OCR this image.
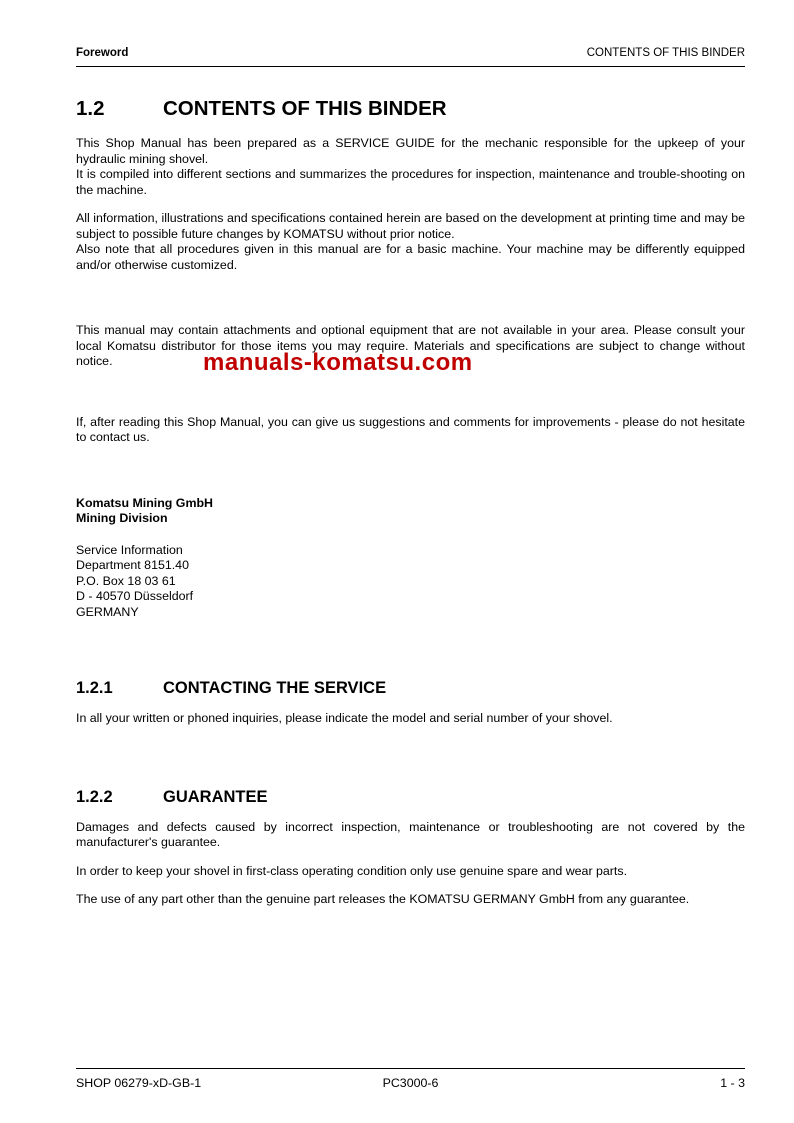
Foreword	CONTENTS OF THIS BINDER
1.2	CONTENTS OF THIS BINDER
This Shop Manual has been prepared as a SERVICE GUIDE for the mechanic responsible for the upkeep of your hydraulic mining shovel.
It is compiled into different sections and summarizes the procedures for inspection, maintenance and trouble-shooting on the machine.
All information, illustrations and specifications contained herein are based on the development at printing time and may be subject to possible future changes by KOMATSU without prior notice.
Also note that all procedures given in this manual are for a basic machine. Your machine may be differently equipped and/or otherwise customized.
This manual may contain attachments and optional equipment that are not available in your area. Please consult your local Komatsu distributor for those items you may require. Materials and specifications are subject to change without notice.	manuals-komatsu.com
If, after reading this Shop Manual, you can give us suggestions and comments for improvements - please do not hesitate to contact us.
Komatsu Mining GmbH
Mining Division
Service Information
Department 8151.40
P.O. Box 18 03 61
D - 40570 Düsseldorf
GERMANY
1.2.1	CONTACTING THE SERVICE
In all your written or phoned inquiries, please indicate the model and serial number of your shovel.
1.2.2	GUARANTEE
Damages and defects caused by incorrect inspection, maintenance or troubleshooting are not covered by the manufacturer's guarantee.
In order to keep your shovel in first-class operating condition only use genuine spare and wear parts.
The use of any part other than the genuine part releases the KOMATSU GERMANY GmbH from any guarantee.
SHOP 06279-xD-GB-1	PC3000-6	1 - 3
